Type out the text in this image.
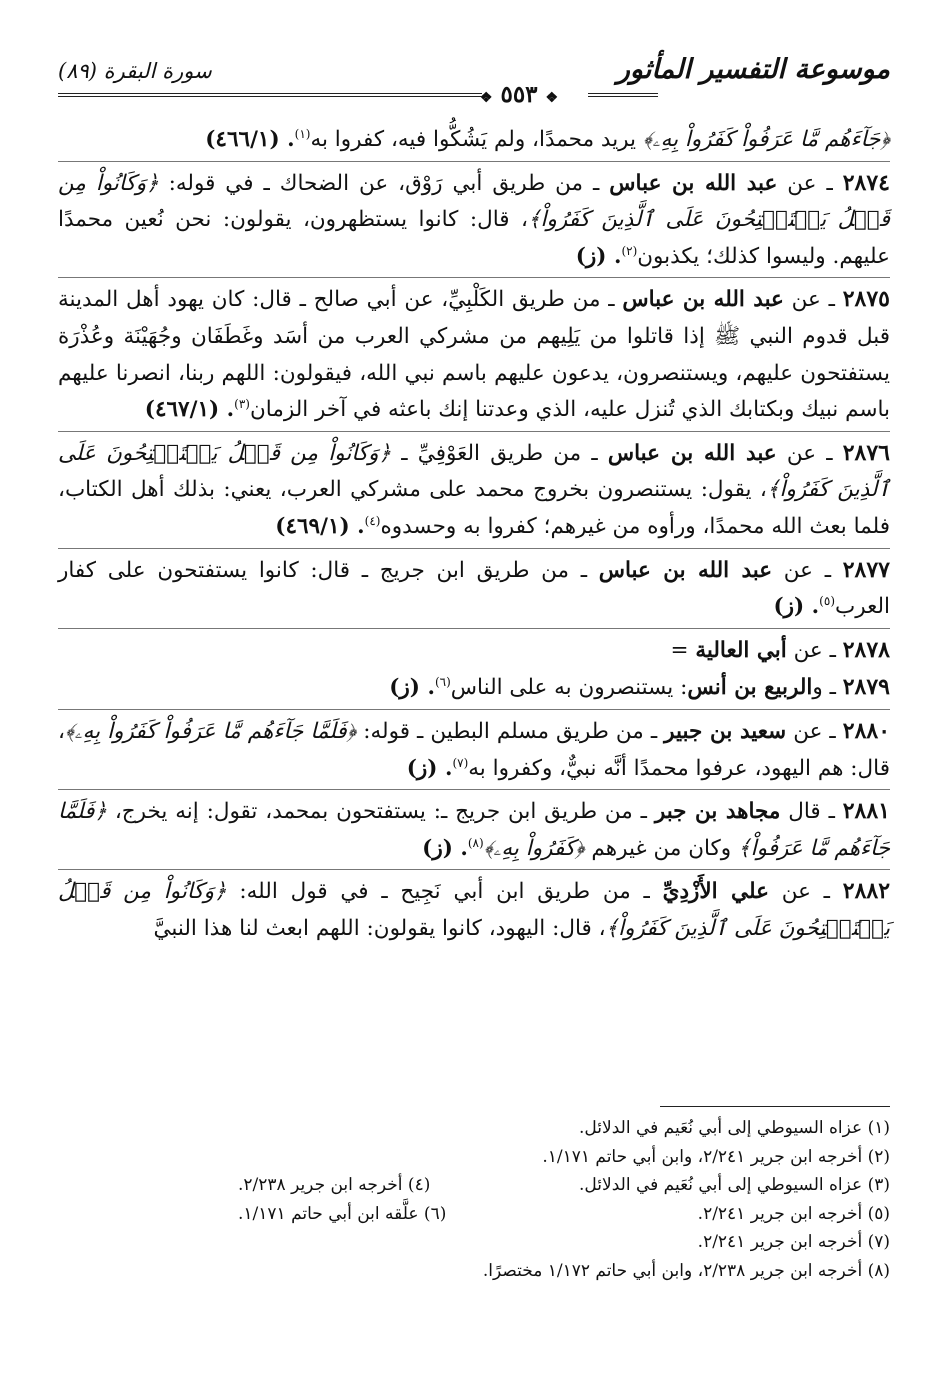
موسوعة التفسير المأثور
سورة البقرة (٨٩)
❖ ٥٥٣ ❖

﴿جَآءَهُم مَّا عَرَفُواْ كَفَرُواْ بِهِۦ﴾ يريد محمدًا، ولم يَشُكُّوا فيه، كفروا به$^{(١)}$. (٤٦٦/١)

٢٨٧٤ ـ عن عبد الله بن عباس ـ من طريق أبي رَوْق، عن الضحاك ـ في قوله: ﴿وَكَانُواْ مِن قَبۡلُ يَسۡتَفۡتِحُونَ عَلَى ٱلَّذِينَ كَفَرُواْ﴾، قال: كانوا يستظهرون، يقولون: نحن نُعين محمدًا عليهم. وليسوا كذلك؛ يكذبون$^{(٢)}$. (ز)

٢٨٧٥ ـ عن عبد الله بن عباس ـ من طريق الكَلْبِيِّ، عن أبي صالح ـ قال: كان يهود أهل المدينة قبل قدوم النبي ﷺ إذا قاتلوا من يَلِيهم من مشركي العرب من أسَد وغَطَفَان وجُهَيْنَة وعُذْرَة يستفتحون عليهم، ويستنصرون، يدعون عليهم باسم نبي الله، فيقولون: اللهم ربنا، انصرنا عليهم باسم نبيك وبكتابك الذي تُنزل عليه، الذي وعدتنا إنك باعثه في آخر الزمان$^{(٣)}$. (٤٦٧/١)

٢٨٧٦ ـ عن عبد الله بن عباس ـ من طريق العَوْفِيِّ ـ ﴿وَكَانُواْ مِن قَبۡلُ يَسۡتَفۡتِحُونَ عَلَى ٱلَّذِينَ كَفَرُواْ﴾، يقول: يستنصرون بخروج محمد على مشركي العرب، يعني: بذلك أهل الكتاب، فلما بعث الله محمدًا، ورأوه من غيرهم؛ كفروا به وحسدوه$^{(٤)}$. (٤٦٩/١)

٢٨٧٧ ـ عن عبد الله بن عباس ـ من طريق ابن جريج ـ قال: كانوا يستفتحون على كفار العرب$^{(٥)}$. (ز)

٢٨٧٨ ـ عن أبي العالية =

٢٨٧٩ ـ والربيع بن أنس: يستنصرون به على الناس$^{(٦)}$. (ز)

٢٨٨٠ ـ عن سعيد بن جبير ـ من طريق مسلم البطين ـ قوله: ﴿فَلَمَّا جَآءَهُم مَّا عَرَفُواْ كَفَرُواْ بِهِۦ﴾، قال: هم اليهود، عرفوا محمدًا أنَّه نبيٌّ، وكفروا به$^{(٧)}$. (ز)

٢٨٨١ ـ قال مجاهد بن جبر ـ من طريق ابن جريج ـ: يستفتحون بمحمد، تقول: إنه يخرج، ﴿فَلَمَّا جَآءَهُم مَّا عَرَفُواْ﴾ وكان من غيرهم ﴿كَفَرُواْ بِهِۦ﴾$^{(٨)}$. (ز)

٢٨٨٢ ـ عن علي الأَزْدِيِّ ـ من طريق ابن أبي نَجِيح ـ في قول الله: ﴿وَكَانُواْ مِن قَبۡلُ يَسۡتَفۡتِحُونَ عَلَى ٱلَّذِينَ كَفَرُواْ﴾، قال: اليهود، كانوا يقولون: اللهم ابعث لنا هذا النبيَّ

(١) عزاه السيوطي إلى أبي نُعَيم في الدلائل.
(٢) أخرجه ابن جرير ٢/٢٤١، وابن أبي حاتم ١/١٧١.
(٣) عزاه السيوطي إلى أبي نُعَيم في الدلائل.
(٤) أخرجه ابن جرير ٢/٢٣٨.
(٥) أخرجه ابن جرير ٢/٢٤١.
(٦) علَّقه ابن أبي حاتم ١/١٧١.
(٧) أخرجه ابن جرير ٢/٢٤١.
(٨) أخرجه ابن جرير ٢/٢٣٨، وابن أبي حاتم ١/١٧٢ مختصرًا.
